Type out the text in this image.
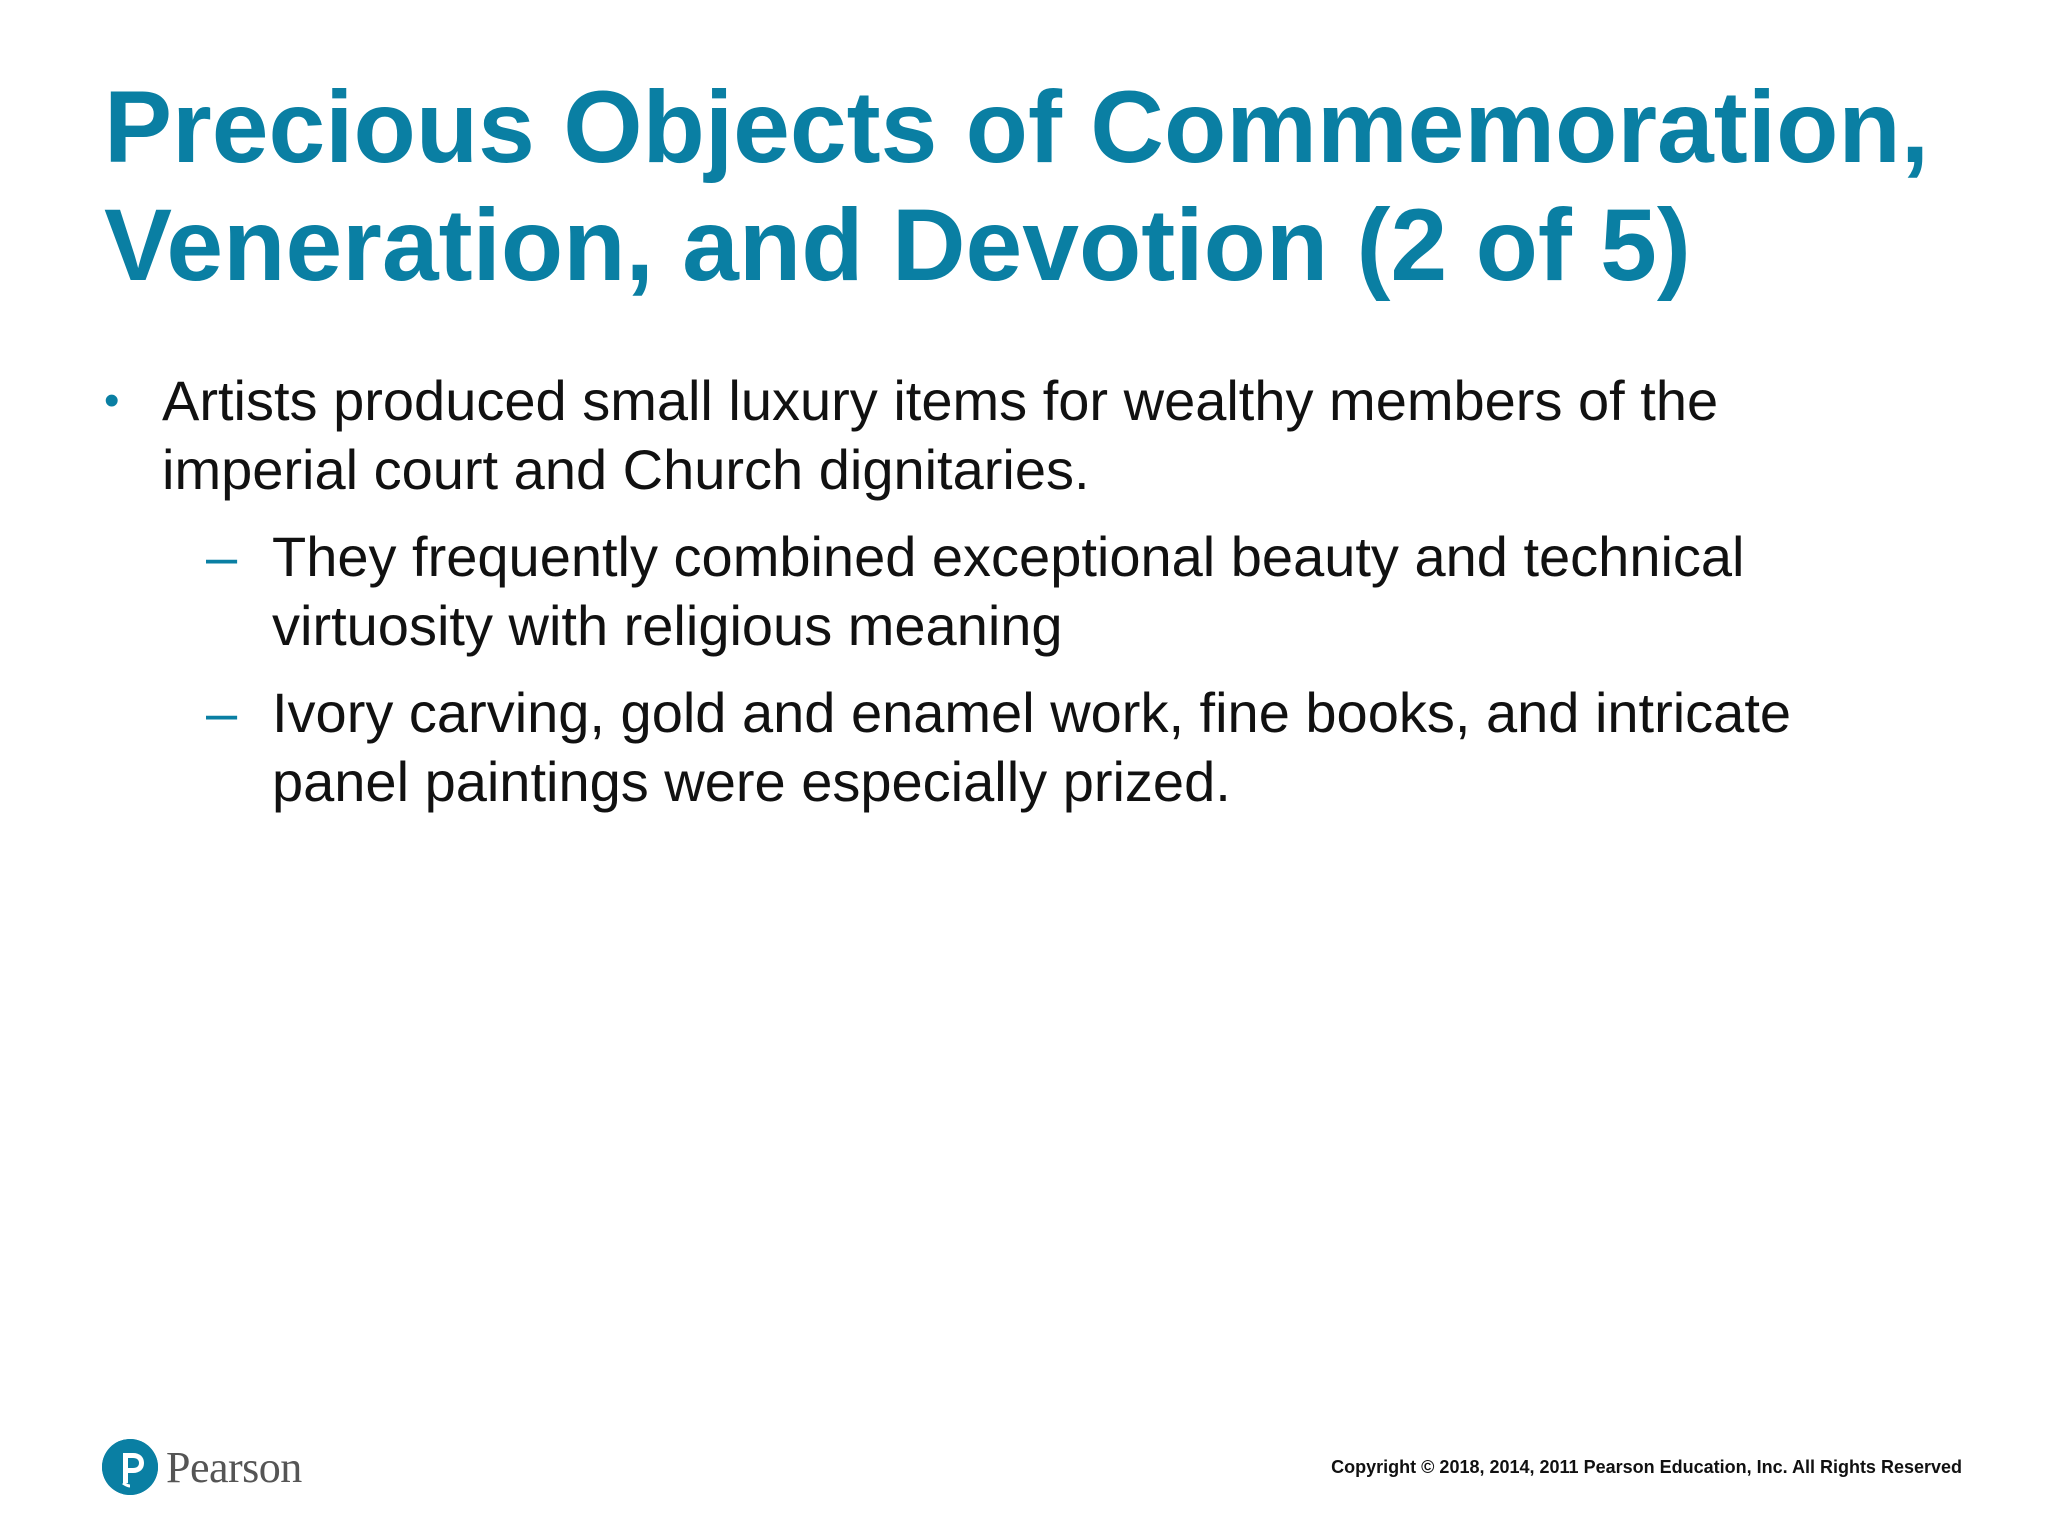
Precious Objects of Commemoration,
Veneration, and Devotion (2 of 5)
• Artists produced small luxury items for wealthy members of the
imperial court and Church dignitaries.
– They frequently combined exceptional beauty and technical
virtuosity with religious meaning
– Ivory carving, gold and enamel work, fine books, and intricate
panel paintings were especially prized.
Pearson	Copyright © 2018, 2014, 2011 Pearson Education, Inc. All Rights Reserved
